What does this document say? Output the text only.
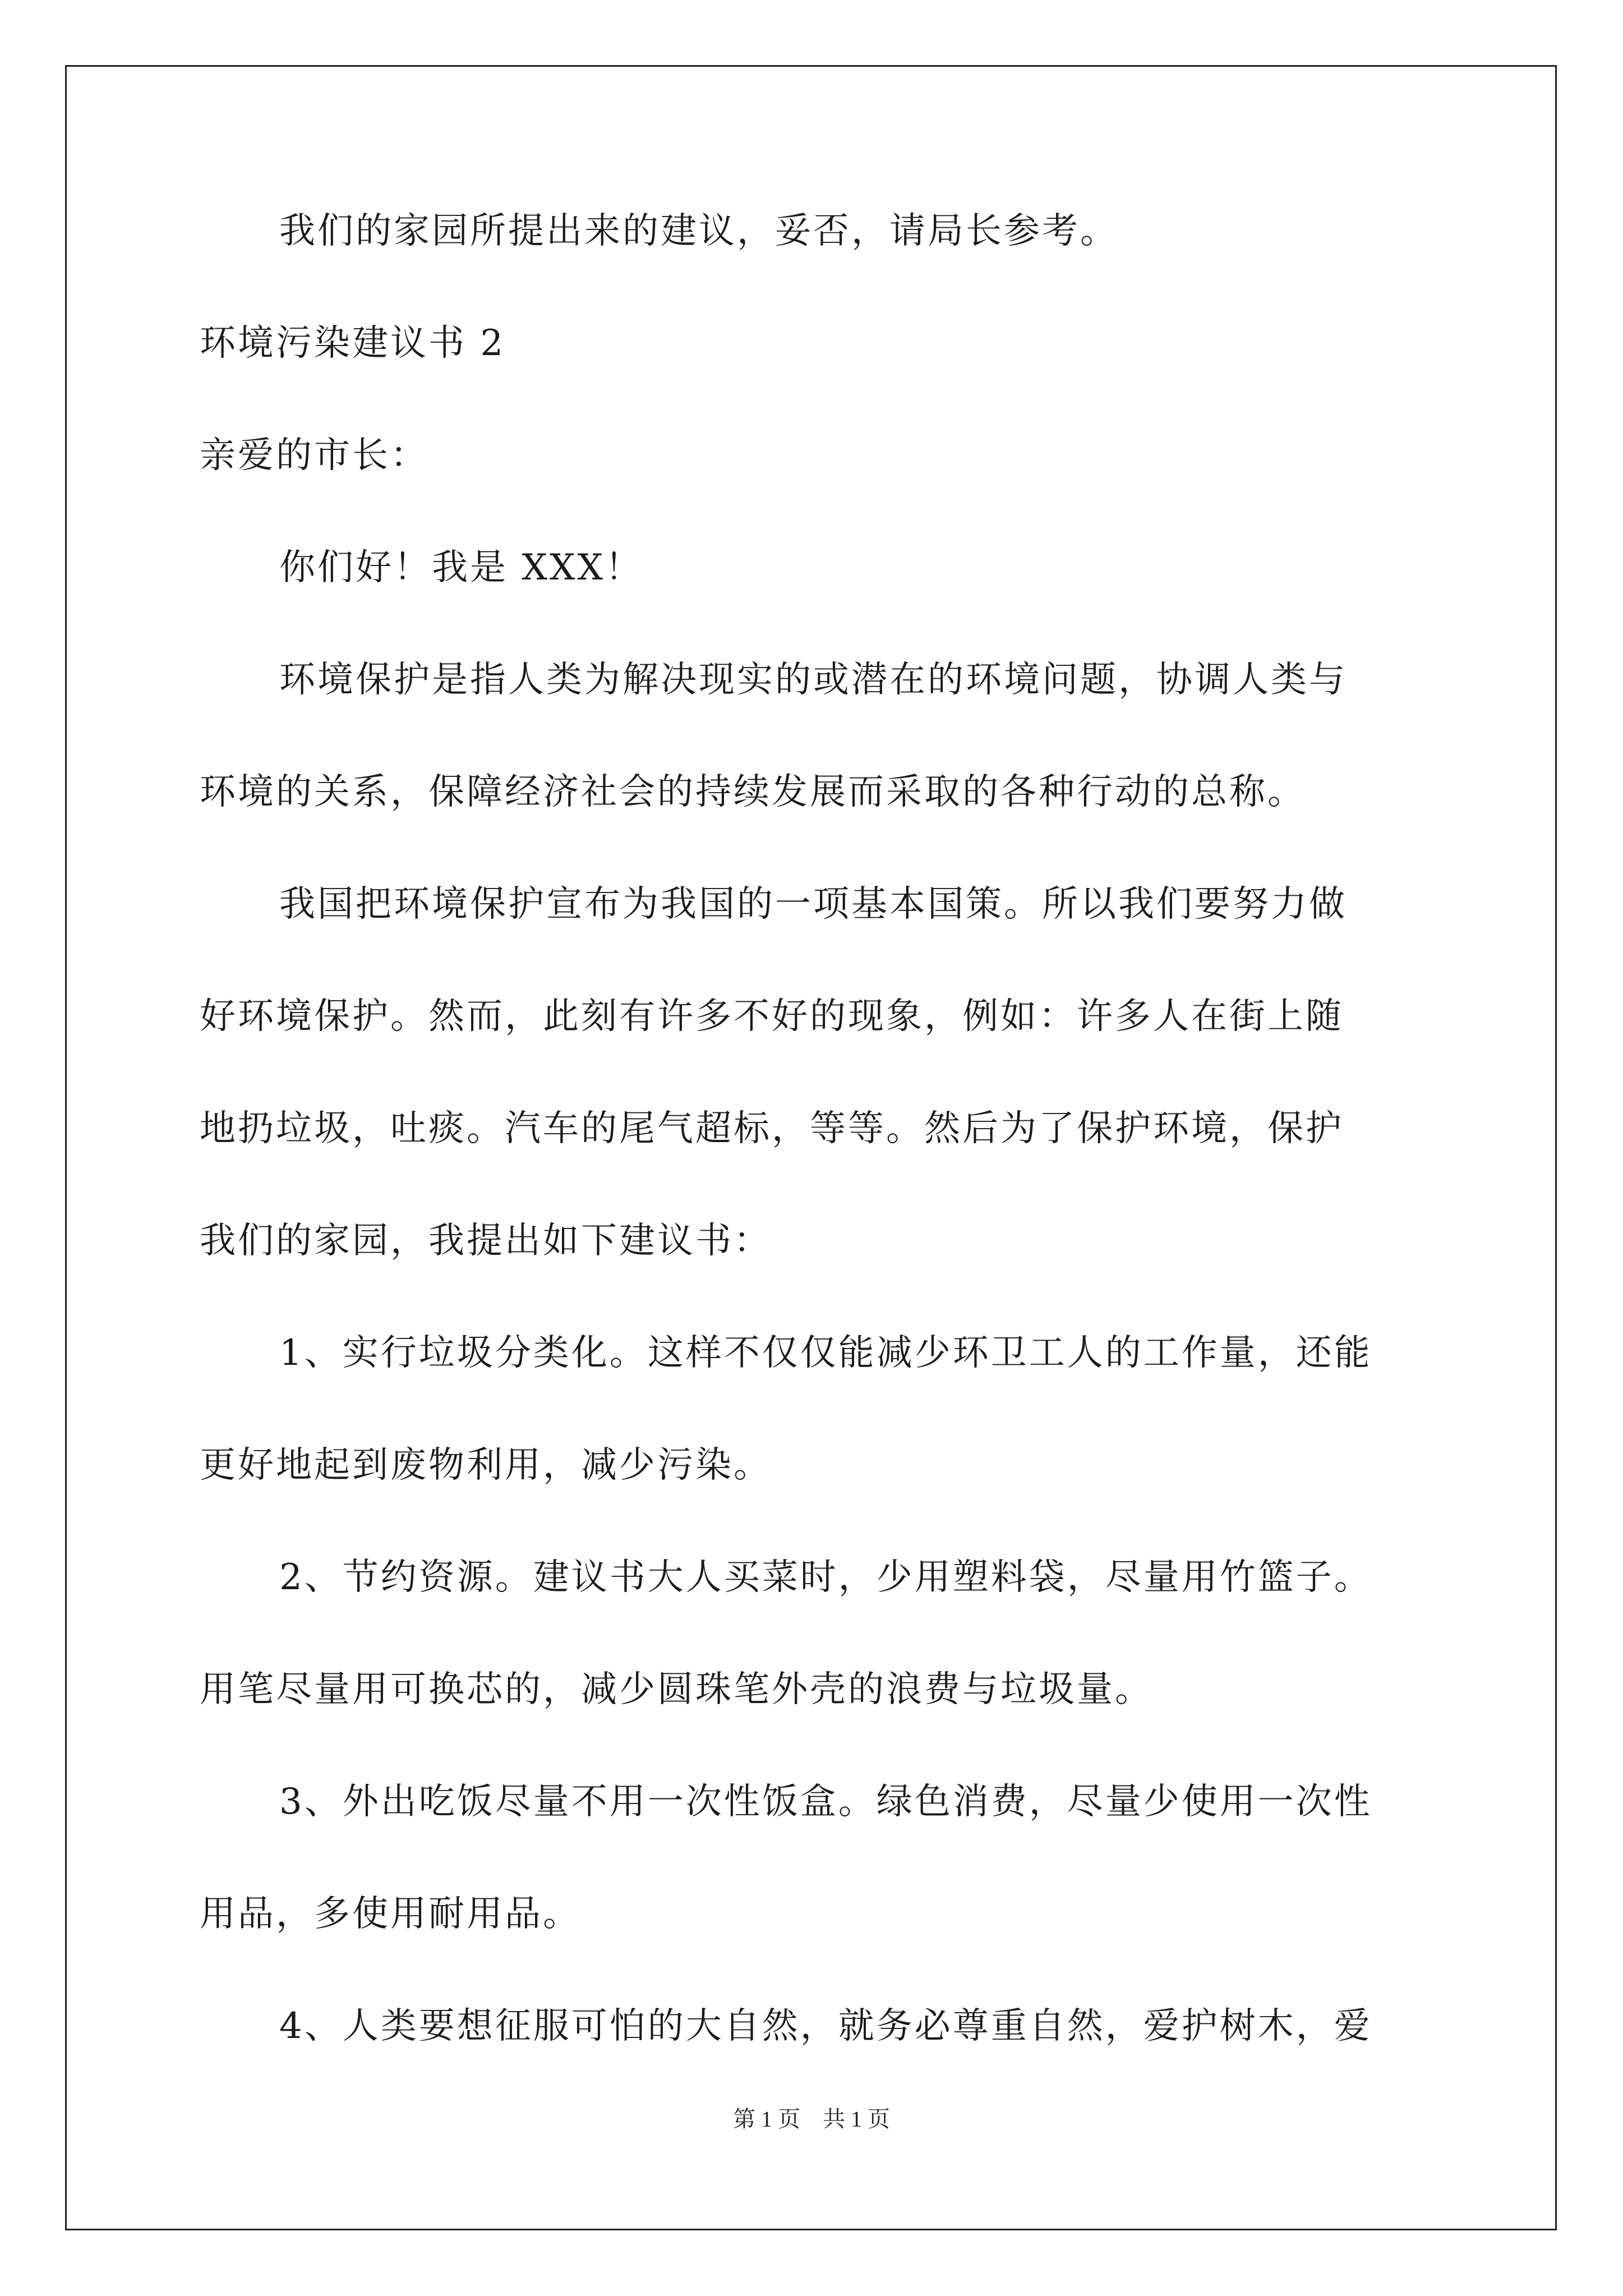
我们的家园所提出来的建议，妥否，请局长参考。
环境污染建议书 2
亲爱的市长：
你们好！我是 XXX！
环境保护是指人类为解决现实的或潜在的环境问题，协调人类与
环境的关系，保障经济社会的持续发展而采取的各种行动的总称。
我国把环境保护宣布为我国的一项基本国策。所以我们要努力做
好环境保护。然而，此刻有许多不好的现象，例如：许多人在街上随
地扔垃圾，吐痰。汽车的尾气超标，等等。然后为了保护环境，保护
我们的家园，我提出如下建议书：
1、实行垃圾分类化。这样不仅仅能减少环卫工人的工作量，还能
更好地起到废物利用，减少污染。
2、节约资源。建议书大人买菜时，少用塑料袋，尽量用竹篮子。
用笔尽量用可换芯的，减少圆珠笔外壳的浪费与垃圾量。
3、外出吃饭尽量不用一次性饭盒。绿色消费，尽量少使用一次性
用品，多使用耐用品。
4、人类要想征服可怕的大自然，就务必尊重自然，爱护树木，爱
第 1 页　共 1 页
